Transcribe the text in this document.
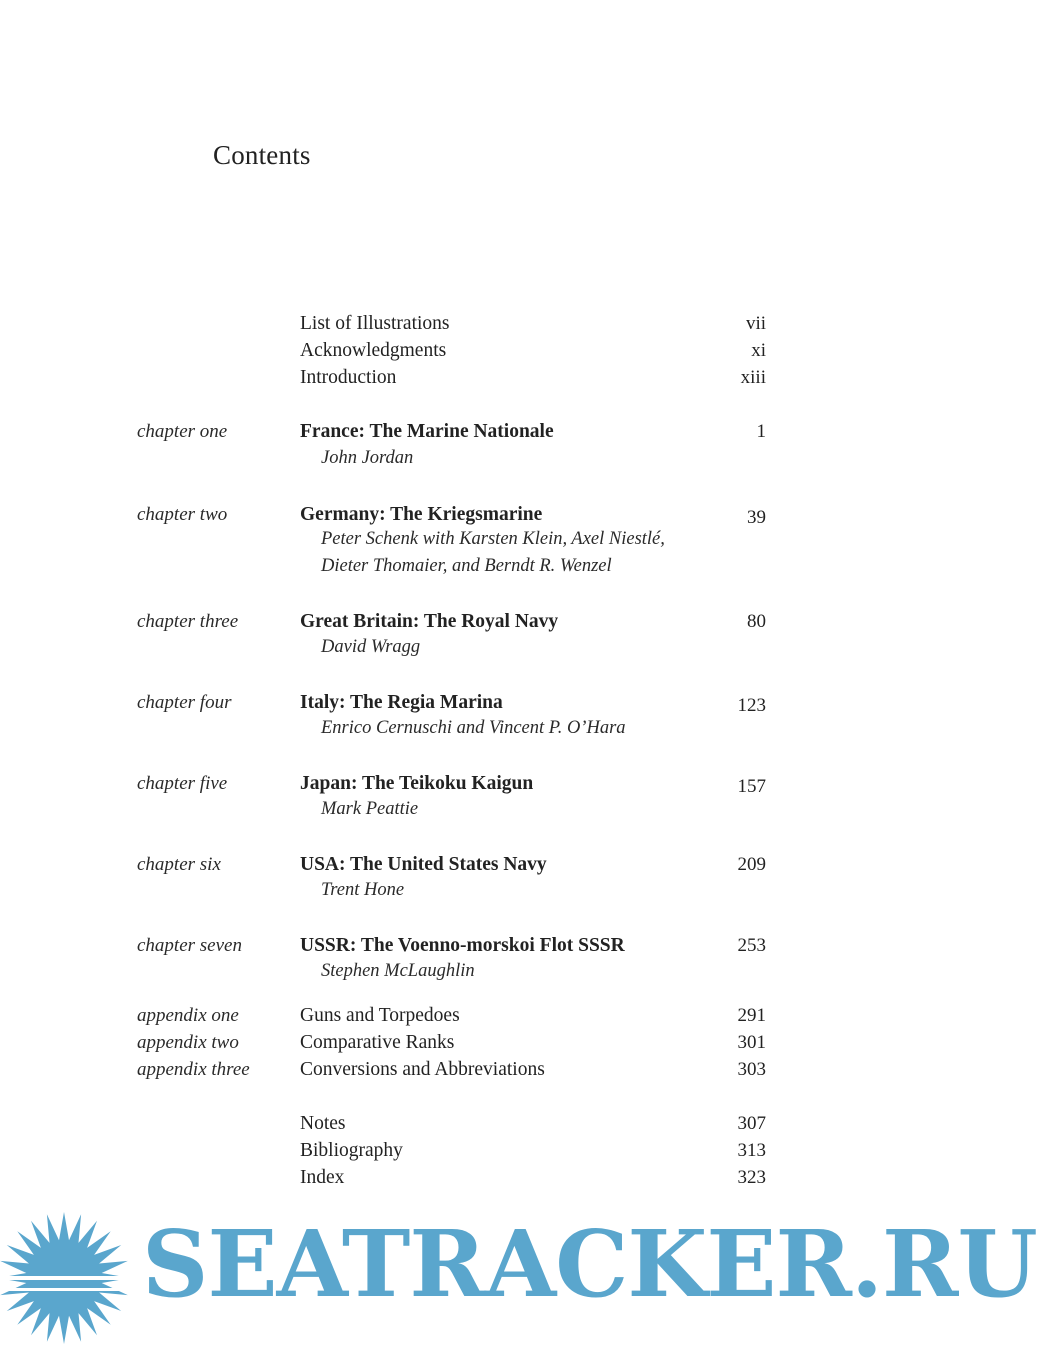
Contents
List of Illustrations	vii
Acknowledgments	xi
Introduction	xiii
chapter one	France: The Marine Nationale	1
John Jordan
chapter two	Germany: The Kriegsmarine	39
Peter Schenk with Karsten Klein, Axel Niestlé,
Dieter Thomaier, and Berndt R. Wenzel
chapter three	Great Britain: The Royal Navy	80
David Wragg
chapter four	Italy: The Regia Marina	123
Enrico Cernuschi and Vincent P. O’Hara
chapter five	Japan: The Teikoku Kaigun	157
Mark Peattie
chapter six	USA: The United States Navy	209
Trent Hone
chapter seven	USSR: The Voenno-morskoi Flot SSSR	253
Stephen McLaughlin
appendix one	Guns and Torpedoes	291
appendix two	Comparative Ranks	301
appendix three	Conversions and Abbreviations	303
Notes	307
Bibliography	313
Index	323
SEATRACKER.RU
